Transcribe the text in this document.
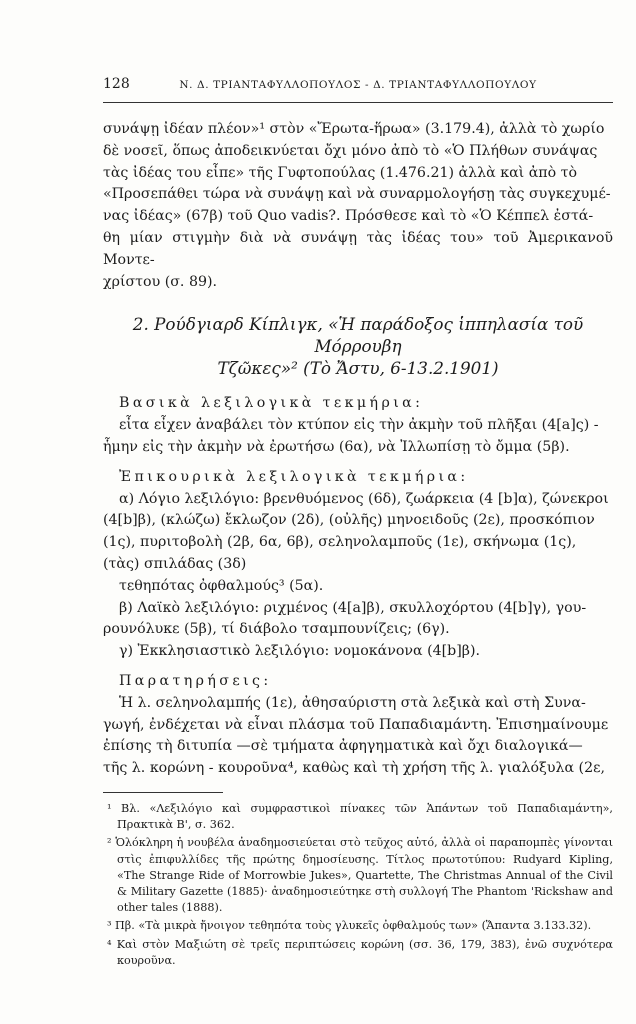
128	Ν. Δ. ΤΡΙΑΝΤΑΦΥΛΛΟΠΟΥΛΟΣ - Δ. ΤΡΙΑΝΤΑΦΥΛΛΟΠΟΥΛΟΥ

συνάψῃ ἰδέαν πλέον»¹ στὸν «Ἔρωτα-ἥρωα» (3.179.4), ἀλλὰ τὸ χωρίο

δὲ νοσεῖ, ὅπως ἀποδεικνύεται ὄχι μόνο ἀπὸ τὸ «Ὁ Πλήθων συνάψας

τὰς ἰδέας του εἶπε» τῆς Γυφτοπούλας (1.476.21) ἀλλὰ καὶ ἀπὸ τὸ

«Προσεπάθει τώρα νὰ συνάψῃ καὶ νὰ συναρμολογήσῃ τὰς συγκεχυμέ-

νας ἰδέας» (67β) τοῦ Quo vadis?. Πρόσθεσε καὶ τὸ «Ὁ Κέππελ ἐστά-

θη μίαν στιγμὴν διὰ νὰ συνάψῃ τὰς ἰδέας του» τοῦ Ἀμερικανοῦ Μοντε-

χρίστου (σ. 89).

2. Ρούδγιαρδ Κίπλιγκ, «Ἡ παράδοξος ἱππηλασία τοῦ Μόρρουβη
Τζῶκες»² (Τὸ Ἄστυ, 6-13.2.1901)

Βασικὰ λεξιλογικὰ τεκμήρια:

εἶτα εἶχεν ἀναβάλει τὸν κτύπον εἰς τὴν ἀκμὴν τοῦ πλῆξαι (4[a]ς) -

ἧμην εἰς τὴν ἀκμὴν νὰ ἐρωτήσω (6α), νὰ Ἰλλωπίσῃ τὸ ὄμμα (5β).

Ἐπικουρικὰ λεξιλογικὰ τεκμήρια:

α) Λόγιο λεξιλόγιο: βρενθυόμενος (6δ), ζωάρκεια (4 [b]α), ζώνεκροι

(4[b]β), (κλώζω) ἔκλωζον (2δ), (οὐλῆς) μηνοειδοῦς (2ε), προσκόπιον

(1ς), πυριτοβολὴ (2β, 6α, 6β), σεληνολαμποῦς (1ε), σκήνωμα (1ς),

(τὰς) σπιλάδας (3δ)

τεθηπότας ὀφθαλμούς³ (5α).

β) Λαϊκὸ λεξιλόγιο: ριχμένος (4[a]β), σκυλλοχόρτου (4[b]γ), γου-

ρουνόλυκε (5β), τί διάβολο τσαμπουνίζεις; (6γ).

γ) Ἐκκλησιαστικὸ λεξιλόγιο: νομοκάνονα (4[b]β).

Παρατηρήσεις:

Ἡ λ. σεληνολαμπής (1ε), ἀθησαύριστη στὰ λεξικὰ καὶ στὴ Συνα-

γωγή, ἐνδέχεται νὰ εἶναι πλάσμα τοῦ Παπαδιαμάντη. Ἐπισημαίνουμε

ἐπίσης τὴ διτυπία —σὲ τμήματα ἀφηγηματικὰ καὶ ὄχι διαλογικά—

τῆς λ. κορώνη - κουροῦνα⁴, καθὼς καὶ τὴ χρήση τῆς λ. γιαλόξυλα (2ε,

¹ Βλ. «Λεξιλόγιο καὶ συμφραστικοὶ πίνακες τῶν Ἁπάντων τοῦ Παπαδιαμάντη», Πρακτικὰ Β', σ. 362.

² Ὁλόκληρη ἡ νουβέλα ἀναδημοσιεύεται στὸ τεῦχος αὐτό, ἀλλὰ οἱ παραπομπὲς γίνονται στὶς ἐπιφυλλίδες τῆς πρώτης δημοσίευσης. Τίτλος πρωτοτύπου: Rudyard Kipling, «The Strange Ride of Morrowbie Jukes», Quartette, The Christmas Annual of the Civil & Military Gazette (1885)· ἀναδημοσιεύτηκε στὴ συλλογή The Phantom 'Rickshaw and other tales (1888).

³ Πβ. «Τὰ μικρὰ ἤνοιγον τεθηπότα τοὺς γλυκεῖς ὀφθαλμούς των» (Ἅπαντα 3.133.32).

⁴ Καὶ στὸν Μαξιώτη σὲ τρεῖς περιπτώσεις κορώνη (σσ. 36, 179, 383), ἐνῶ συχνότερα κουροῦνα.
